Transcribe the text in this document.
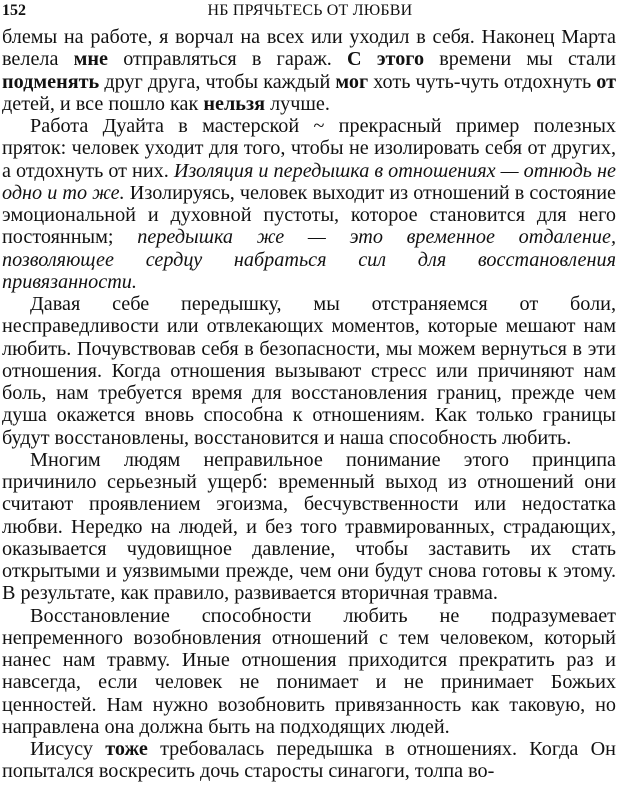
152	НБ ПРЯЧЬТЕСЬ ОТ ЛЮБВИ

блемы на работе, я ворчал на всех или уходил в себя. Наконец Марта велела мне отправляться в гараж. С этого времени мы стали подменять друг друга, чтобы каждый мог хоть чуть-чуть отдохнуть от детей, и все пошло как нельзя лучше.

Работа Дуайта в мастерской ~ прекрасный пример полезных пряток: человек уходит для того, чтобы не изолировать себя от других, а отдохнуть от них. Изоляция и передышка в отношениях — отнюдь не одно и то же. Изолируясь, человек выходит из отношений в состояние эмоциональной и духовной пустоты, которое становится для него постоянным; передышка же — это временное отдаление, позволяющее сердцу набраться сил для восстановления привязанности.

Давая себе передышку, мы отстраняемся от боли, несправедливости или отвлекающих моментов, которые мешают нам любить. Почувствовав себя в безопасности, мы можем вернуться в эти отношения. Когда отношения вызывают стресс или причиняют нам боль, нам требуется время для восстановления границ, прежде чем душа окажется вновь способна к отношениям. Как только границы будут восстановлены, восстановится и наша способность любить.

Многим людям неправильное понимание этого принципа причинило серьезный ущерб: временный выход из отношений они считают проявлением эгоизма, бесчувственности или недостатка любви. Нередко на людей, и без того травмированных, страдающих, оказывается чудовищное давление, чтобы заставить их стать открытыми и уязвимыми прежде, чем они будут снова готовы к этому. В результате, как правило, развивается вторичная травма.

Восстановление способности любить не подразумевает непременного возобновления отношений с тем человеком, который нанес нам травму. Иные отношения приходится прекратить раз и навсегда, если человек не понимает и не принимает Божьих ценностей. Нам нужно возобновить привязанность как таковую, но направлена она должна быть на подходящих людей.

Иисусу тоже требовалась передышка в отношениях. Когда Он попытался воскресить дочь старосты синагоги, толпа во-
